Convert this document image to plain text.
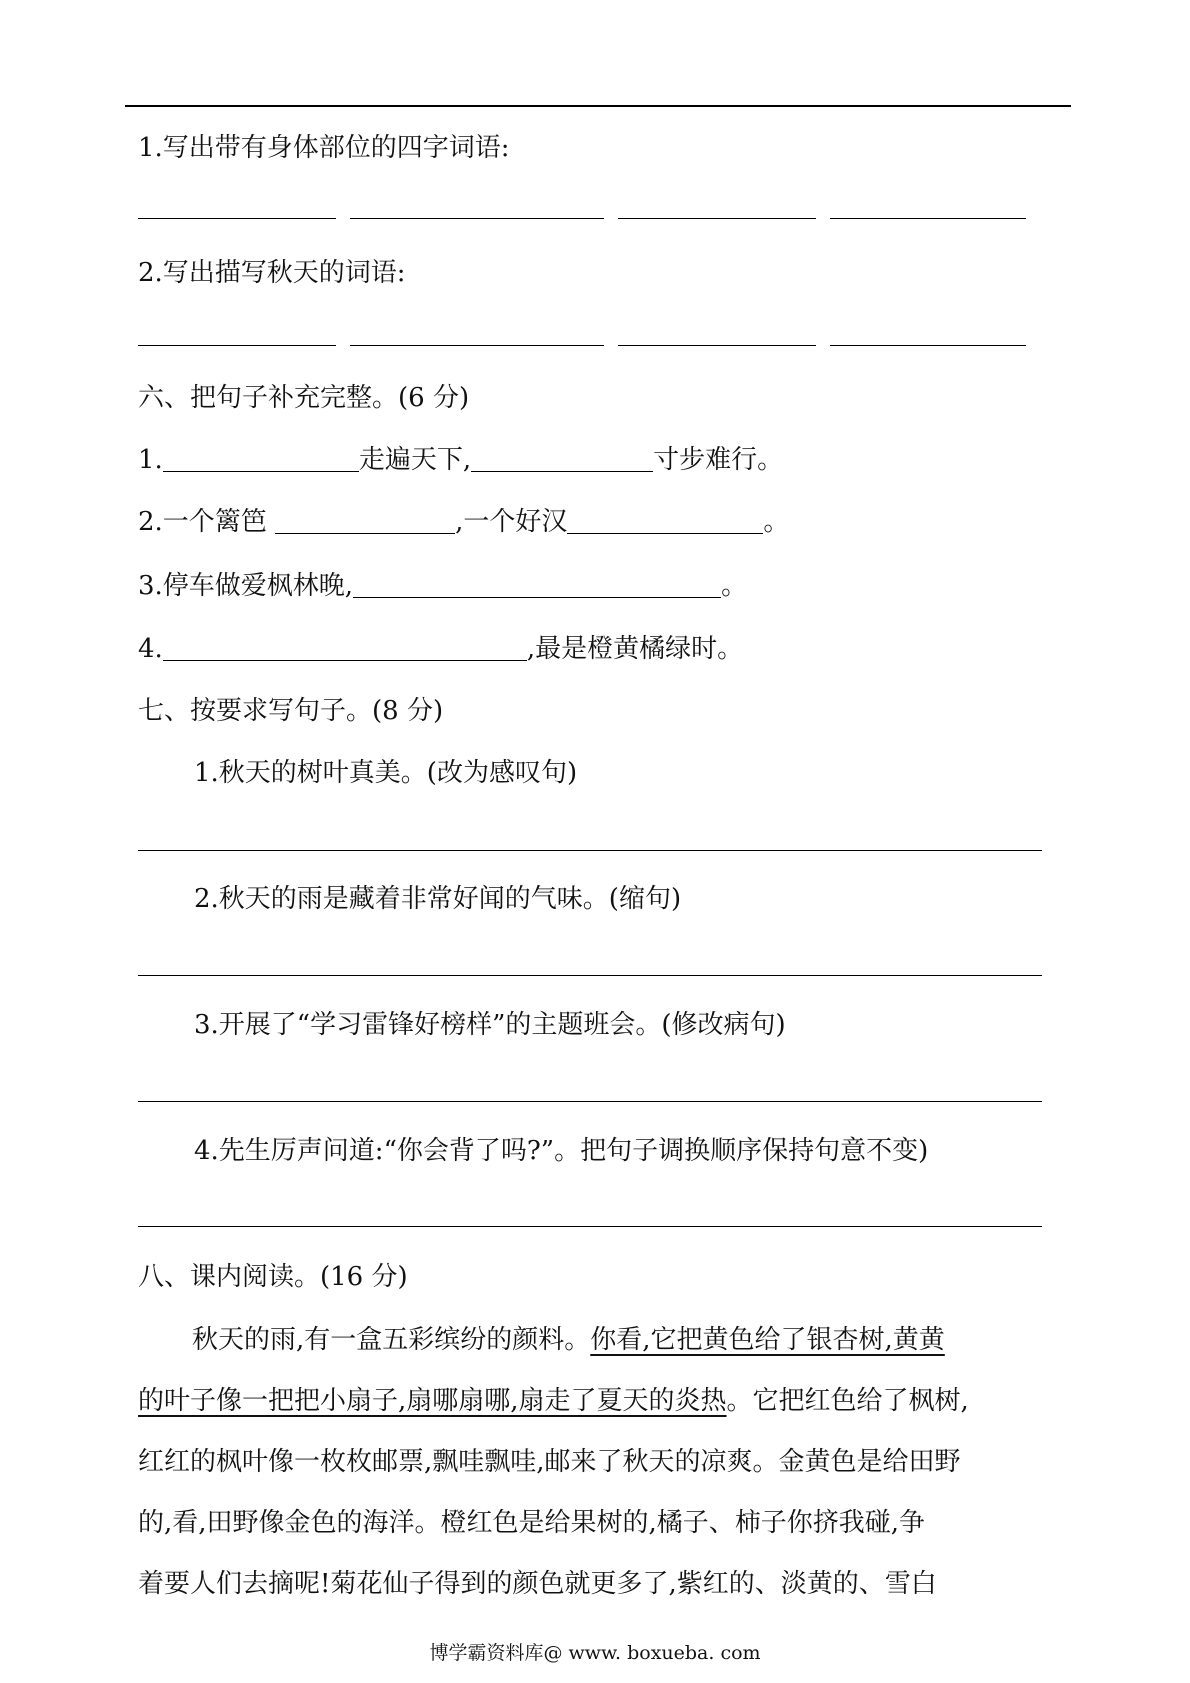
1.写出带有身体部位的四字词语:
2.写出描写秋天的词语:
六、把句子补充完整。(6 分)
1.	走遍天下,	寸步难行。
2.一个篱笆	,一个好汉	。
3.停车做爱枫林晚,	。
4.	,最是橙黄橘绿时。
七、按要求写句子。(8 分)
1.秋天的树叶真美。(改为感叹句)
2.秋天的雨是藏着非常好闻的气味。(缩句)
3.开展了“学习雷锋好榜样”的主题班会。(修改病句)
4.先生厉声问道:“你会背了吗?”。把句子调换顺序保持句意不变)
八、课内阅读。(16 分)
秋天的雨,有一盒五彩缤纷的颜料。你看,它把黄色给了银杏树,黄黄
的叶子像一把把小扇子,扇哪扇哪,扇走了夏天的炎热。它把红色给了枫树,
红红的枫叶像一枚枚邮票,飘哇飘哇,邮来了秋天的凉爽。金黄色是给田野
的,看,田野像金色的海洋。橙红色是给果树的,橘子、柿子你挤我碰,争
着要人们去摘呢!菊花仙子得到的颜色就更多了,紫红的、淡黄的、雪白
博学霸资料库@ www. boxueba. com
